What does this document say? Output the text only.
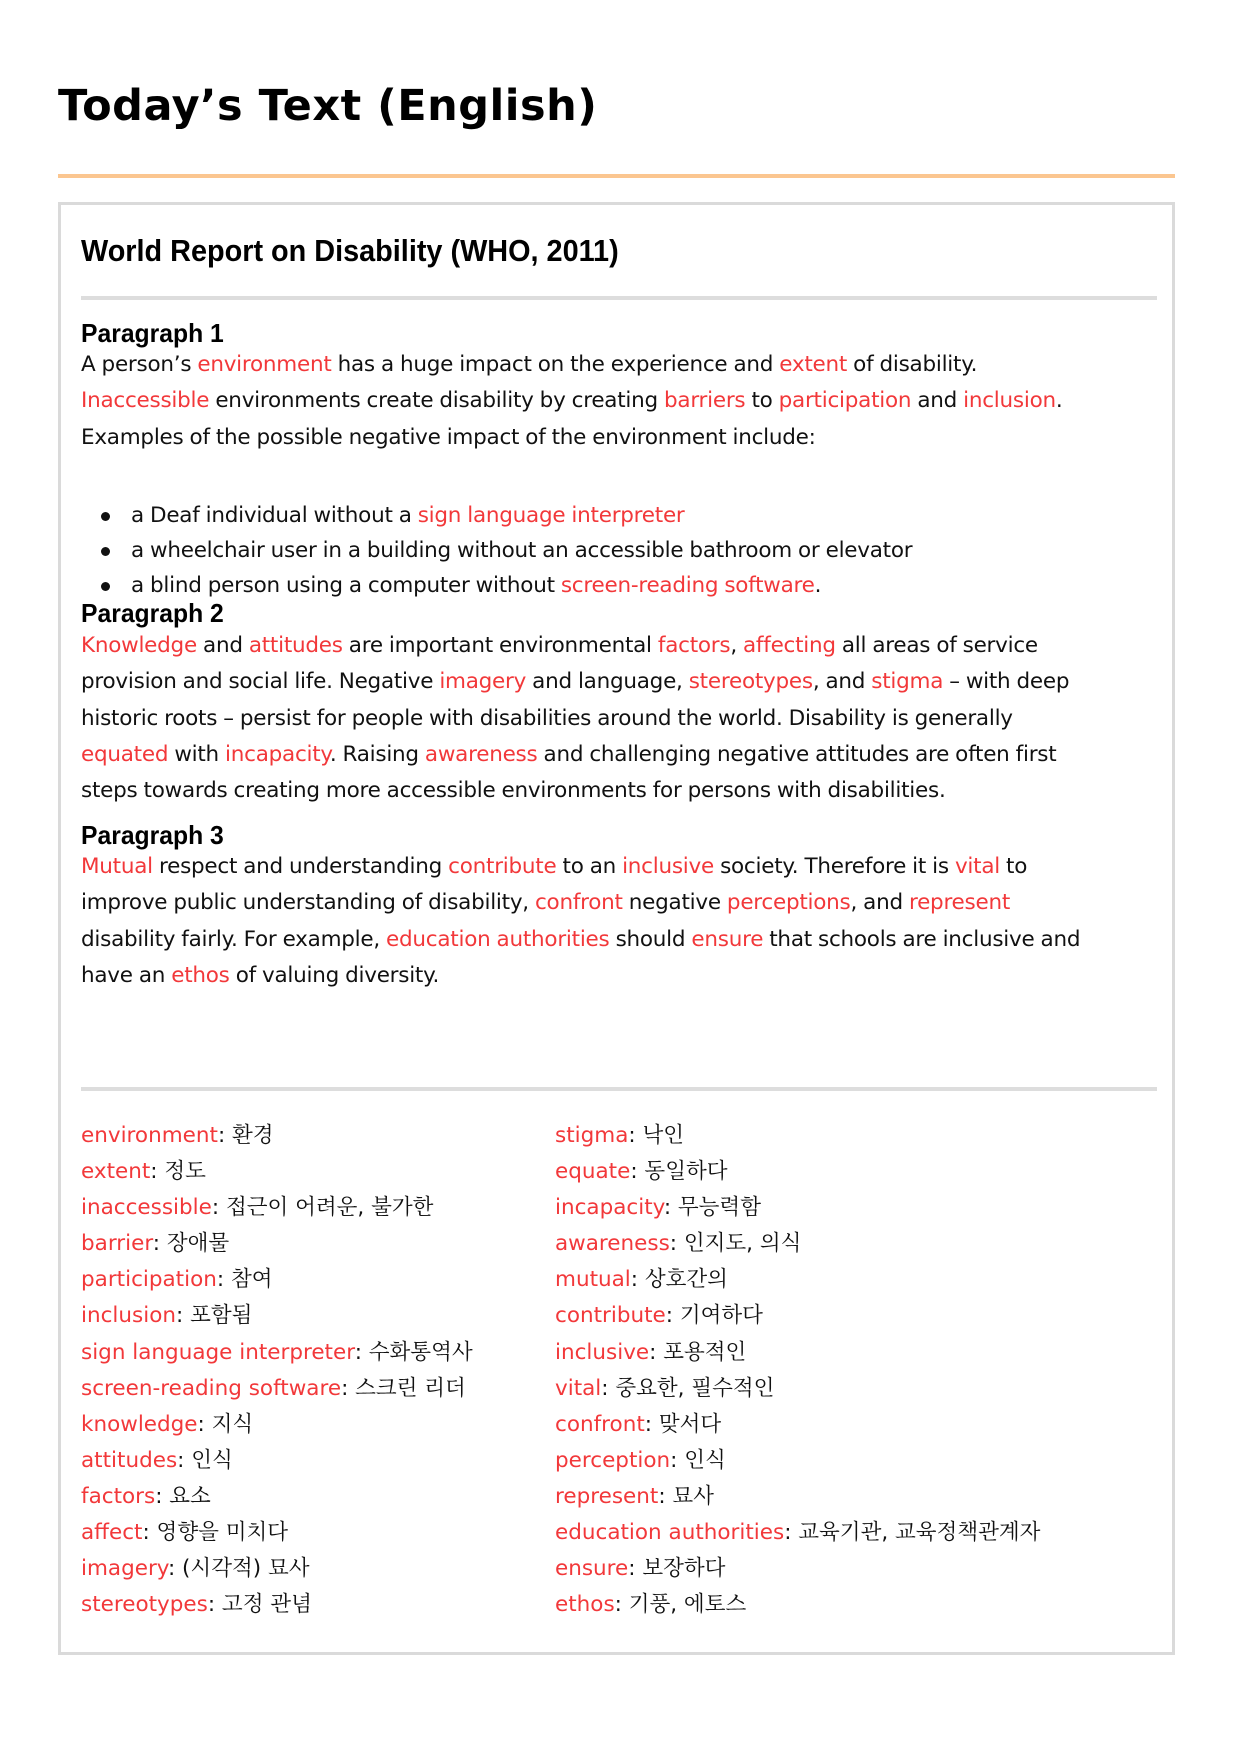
Today’s Text (English)
World Report on Disability (WHO, 2011)
Paragraph 1

A person’s environment has a huge impact on the experience and extent of disability.
Inaccessible environments create disability by creating barriers to participation and inclusion.
Examples of the possible negative impact of the environment include:

a Deaf individual without a sign language interpreter
a wheelchair user in a building without an accessible bathroom or elevator
a blind person using a computer without screen-reading software.
Paragraph 2

Knowledge and attitudes are important environmental factors, affecting all areas of service
provision and social life. Negative imagery and language, stereotypes, and stigma – with deep
historic roots – persist for people with disabilities around the world. Disability is generally
equated with incapacity. Raising awareness and challenging negative attitudes are often first
steps towards creating more accessible environments for persons with disabilities.

Paragraph 3

Mutual respect and understanding contribute to an inclusive society. Therefore it is vital to
improve public understanding of disability, confront negative perceptions, and represent
disability fairly. For example, education authorities should ensure that schools are inclusive and
have an ethos of valuing diversity.

environment: 환경
extent: 정도
inaccessible: 접근이 어려운, 불가한
barrier: 장애물
participation: 참여
inclusion: 포함됨
sign language interpreter: 수화통역사
screen-reading software: 스크린 리더
knowledge: 지식
attitudes: 인식
factors: 요소
affect: 영향을 미치다
imagery: (시각적) 묘사
stereotypes: 고정 관념
stigma: 낙인
equate: 동일하다
incapacity: 무능력함
awareness: 인지도, 의식
mutual: 상호간의
contribute: 기여하다
inclusive: 포용적인
vital: 중요한, 필수적인
confront: 맞서다
perception: 인식
represent: 묘사
education authorities: 교육기관, 교육정책관계자
ensure: 보장하다
ethos: 기풍, 에토스
